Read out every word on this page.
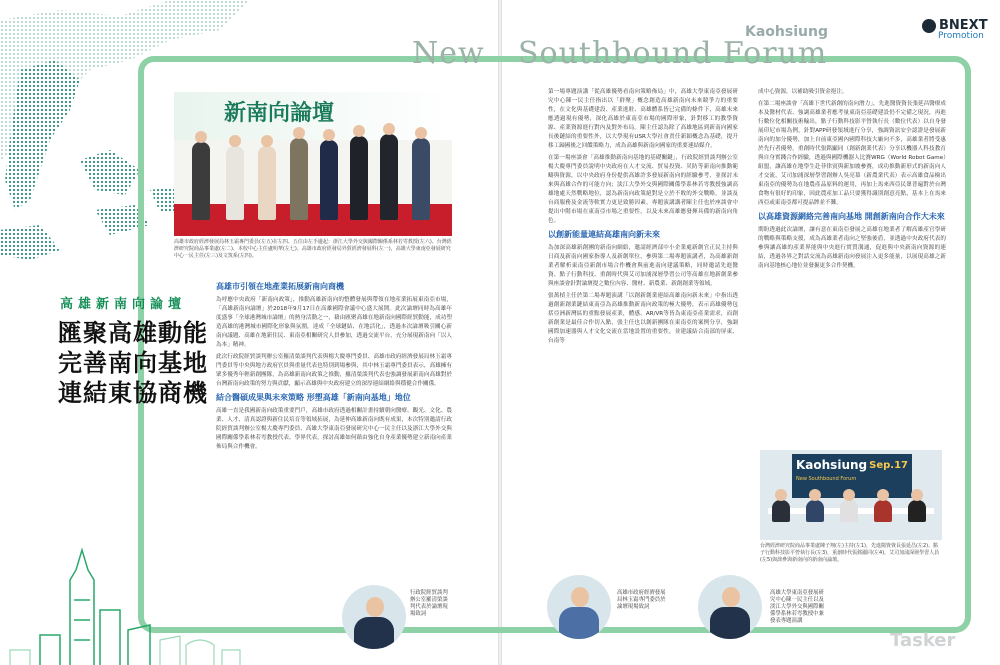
New Southbound Forum
Kaohsiung	BNEXT
Promotion
新南向論壇
高雄市政府經濟發展局林玉霜專門委員(左五)在左四、五位由左手邊起：浙江大學外交與國際關係系林若雩教授(左六)、台灣經濟研究院商品事業處(左二)、本校中心主任盧明華(左七)、高雄市政府經發局外貿經濟發展科(左一)，高雄大學東南亞發展研究中心一民主任(左三)及文筑系(左四)。
高雄新南向論壇
匯聚高雄動能
完善南向基地
連結東協商機
高雄市引領在地產業拓展新南向商機

為呼應中央政府「新南向政策」，推動高雄新南向的整體發展與帶領在地產業拓展東南亞市場，「高雄新南向論壇」於2018年9月17日在高雄國際會議中心盛大展開。此次論壇同時為高雄年度盛事「全球港灣城市論壇」的熱身活動之一，藉由匯聚高雄在地新南向國際經貿動能，成功塑造高雄的港灣城市國際化形象與氛圍，達成「全球鏈結、在地活化」，透過本次論壇吸引關心新南向議題、高雄在地新住民、東南亞相關研究人員參加，透過交流平台，充分展現新南向「以人為本」精神。

此次行政院經貿談判辦公室羅清榮談判代表與楊大慶專門委員、高雄市政府經濟發展局林玉霜專門委員等中央與地方政府官員與重量代表也特別到場參與，其中林玉霜專門委員表示，高雄擁有眾多優秀年輕新創團隊，為高雄新南向政策之推動，羅清榮談判代表也強調發展新南向高雄對於台灣新南向政策的努力與貢獻，顯示高雄與中央政府建立的深厚連結網絡與穩健合作關係。

結合醫碩成果與未來策略 形塑高雄「新南向基地」地位

高雄一直是我國新南向政策重要門戶，高雄市政府透過相關計畫持續朝向醫療、觀光、文化、農業、人才、清真認證與新住民培育等領域拓展，為延伸高雄新南向既有成果，本次特別邀請行政院經貿談判辦公室楊大慶專門委員、高雄大學東南亞發展研究中心一民主任以及浙江大學外交與國際關係學系林若雩教授代表、學界代表，探討高雄如何藉由強化自身產業優勢建立新南向產業佈局與合作機會。

第一場專題演講「從高雄優勢看南向策略佈局」中，高雄大學東南亞發展研究中心陳一民主任指出以「群聚」概念創造高雄新南向未來競爭力的重要性，在文化與基礎建設、產業進駐、高雄體系皆已完備的條件下，高雄未來應透過現有優勢，深化高雄於東南亞市場的國際形象，針對移工的教學資源、產業資源進行對內及對外布局。陳主任認為除了高雄地區到新南向國家長後鏈結的重要性外，以大學現有USR大學社會責任新穎概念為基礎，提升移工歸國後之回饋策略力，成為高雄與新南向國家的重要連結媒介。

在第一場座談會「高雄推動新南向基地的基礎關鍵」，行政院經貿談判辦公室楊大慶專門委員說明中央政府在人才交流、貿易投資、災防等新南向推動範疇與資源，以中央政府身份提供高雄許多發展新南向的經驗參考，並探討未來與高雄合作的可能方向；淡江大學外交與國際關係學系林若雩教授強調高雄地處天然戰略地位，認為新南向政策絕對是立於不敗的外交戰略，並談及台商服務及金流等軟實力更是致勝因素。專題演講講者陳主任也於座談會中提出中階市場在東南亞市場之重要性，以及未來高雄應發揮具備的新南向角色。

以創新能量連結高雄南向新未來

為加深高雄新創團的新南向網絡，邀請經濟部中小企業處新創官正民主持與日商及新南向國家指導人及新創單位，參與第二場專題演講者，為高雄新創業者解析東南亞新創市場合作機會與前進南向建議策略，同時邀請先進醫資、點子行動科技、重創時代與艾司加浦深層學習公司等高雄在地新創業參與座談會針對論壇提之數位內容、醫材、新農業、新創創業等領域。

張萬楨主任於第二場專題演講「以創新創業連結高雄南向新未來」中指出透過創新創業鏈結東南亞為高雄推動新南向政策的極大優勢，表示高雄優勢包括亞洲新灣區的重點發展產業，體感、AR/VR等皆為東南亞產業需求，而創新創業是最佳合作切入點，張主任也以創新團隊在東南亞的案例分享，強調國際加速器與人才文化交流在當地設置的重要性，並建議結合南部的屏東、台南等

成中心資源，以補助吸引資金挹注。

在第二場座談會「高雄下世代新創的南向潛力」，先進醫資資長張延昌醫療成本及醫材代表、強調高雄業者應考量東南亞基礎建設仍不完備之現況，再進行數位化相關技術輸出，點子行動科技影平營執行長（數位代表）以自身發展印尼市場為例，針對APP研發領域進行分享，強調資訊安全認證是發展新南向的加分優勢，加上自前東亞國內國際科技大廠向不多，高雄業者將受惠於先行者優勢，重創時代張銘顯同（創新創業代表）分享以機器人科技教育與自身實踐合作經驗，透過與國際機器人比賽WRG（World Robot Game）組盟，讓高雄在地學生赴菲律賓與新加坡參賽，成功推動新形式的新南向人才交流，艾司加浦深層學習創辦人吳亮慕（新農業代表）表示高雄食品檢出東南亞的優勢為在地農產品原料的運用，再加上馬來西亞民眾普遍對於台灣食物有很好的印象，因此農產加工品只要獲得識別創意亮點，基本上在馬來西亞或東南亞都可提品牌並不難。

以高雄資源網絡完善南向基地 開創新南向合作大未來

期盼透過此次論壇，讓有意在東南亞發展之高雄在地業者了解高雄產官學研的戰略與策略支援，成為高雄業者南向之堅強後盾，並透過中央政府代表的參與讓高雄的產業界能與中央進行實質溝通，促進與中央新南向資源的連結，透過各界之對話交流為高雄新南向發展注入更多能量，以展現高雄之新南向基地核心地位並發掘更多合作契機。

Kaohsiung
New Southbound Forum
Sep.17
台灣經濟研究院商品事業處陳子翔(左)主持(左1)，先進醫資資長張延昌(左2)、點子行動科技影平營執行長(左3)，重創時代張銘顯同(左4)，艾司加浦深層學習人員(左5)與談參與新南向的新南向論壇。
行政院經貿談判辦公室羅清榮談判代表於論壇現場致詞
高雄市政府經濟發展局林玉霜專門委員於論壇現場致詞
高雄大學東南亞發展研究中心陳一民主任以及淡江大學外交與國際關係學系林若雩教授中兼發表專題演講
Tasker
